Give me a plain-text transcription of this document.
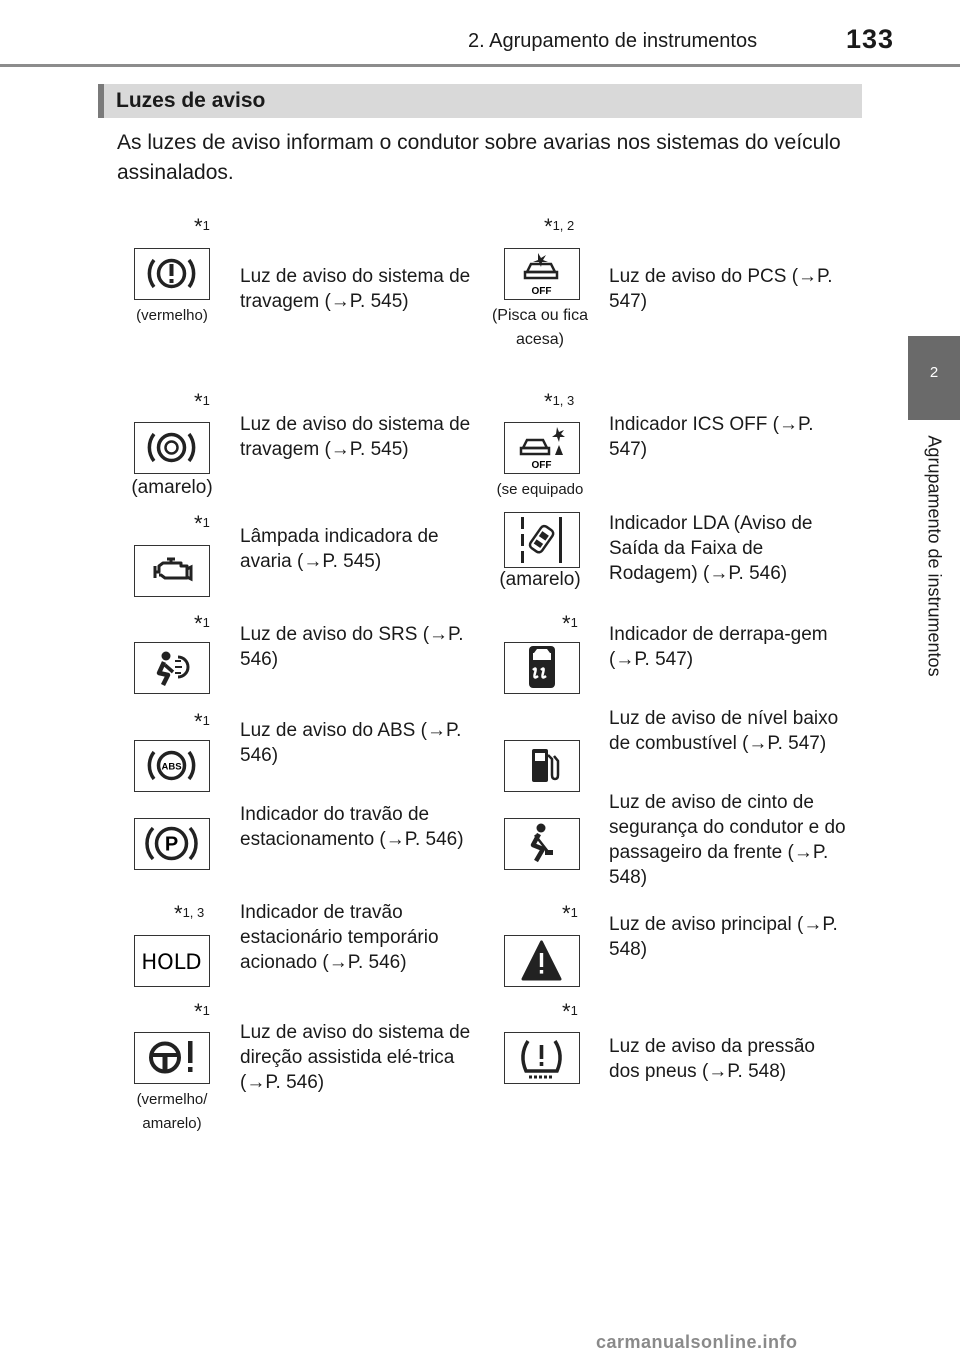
2. Agrupamento de instrumentos	133
2
Agrupamento de instrumentos
Luzes de aviso
As luzes de aviso informam o condutor sobre avarias nos sistemas do veículo assinalados.
$*_1$
(vermelho)
Luz de aviso do sistema de travagem (→P. 545)
$*_{1, 2}$
OFF
(Pisca ou fica acesa)
Luz de aviso do PCS (→P. 547)
$*_1$
(amarelo)
Luz de aviso do sistema de travagem (→P. 545)
$*_{1, 3}$
OFF
(se equipado
Indicador ICS OFF (→P. 547)
$*_1$
Lâmpada indicadora de avaria (→P. 545)
(amarelo)
Indicador LDA (Aviso de Saída da Faixa de Rodagem) (→P. 546)
$*_1$
Luz de aviso do SRS (→P. 546)
$*_1$
Indicador de derrapa-gem (→P. 547)
$*_1$
ABS
Luz de aviso do ABS (→P. 546)
Luz de aviso de nível baixo de combustível (→P. 547)
P
Indicador do travão de estacionamento (→P. 546)
Luz de aviso de cinto de segurança do condutor e do passageiro da frente (→P. 548)
$*_{1, 3}$
HOLD
Indicador de travão estacionário temporário acionado (→P. 546)
$*_1$
Luz de aviso principal (→P. 548)
$*_1$
(vermelho/ amarelo)
Luz de aviso do sistema de direção assistida elé-trica (→P. 546)
$*_1$
Luz de aviso da pressão dos pneus (→P. 548)
carmanualsonline.info
